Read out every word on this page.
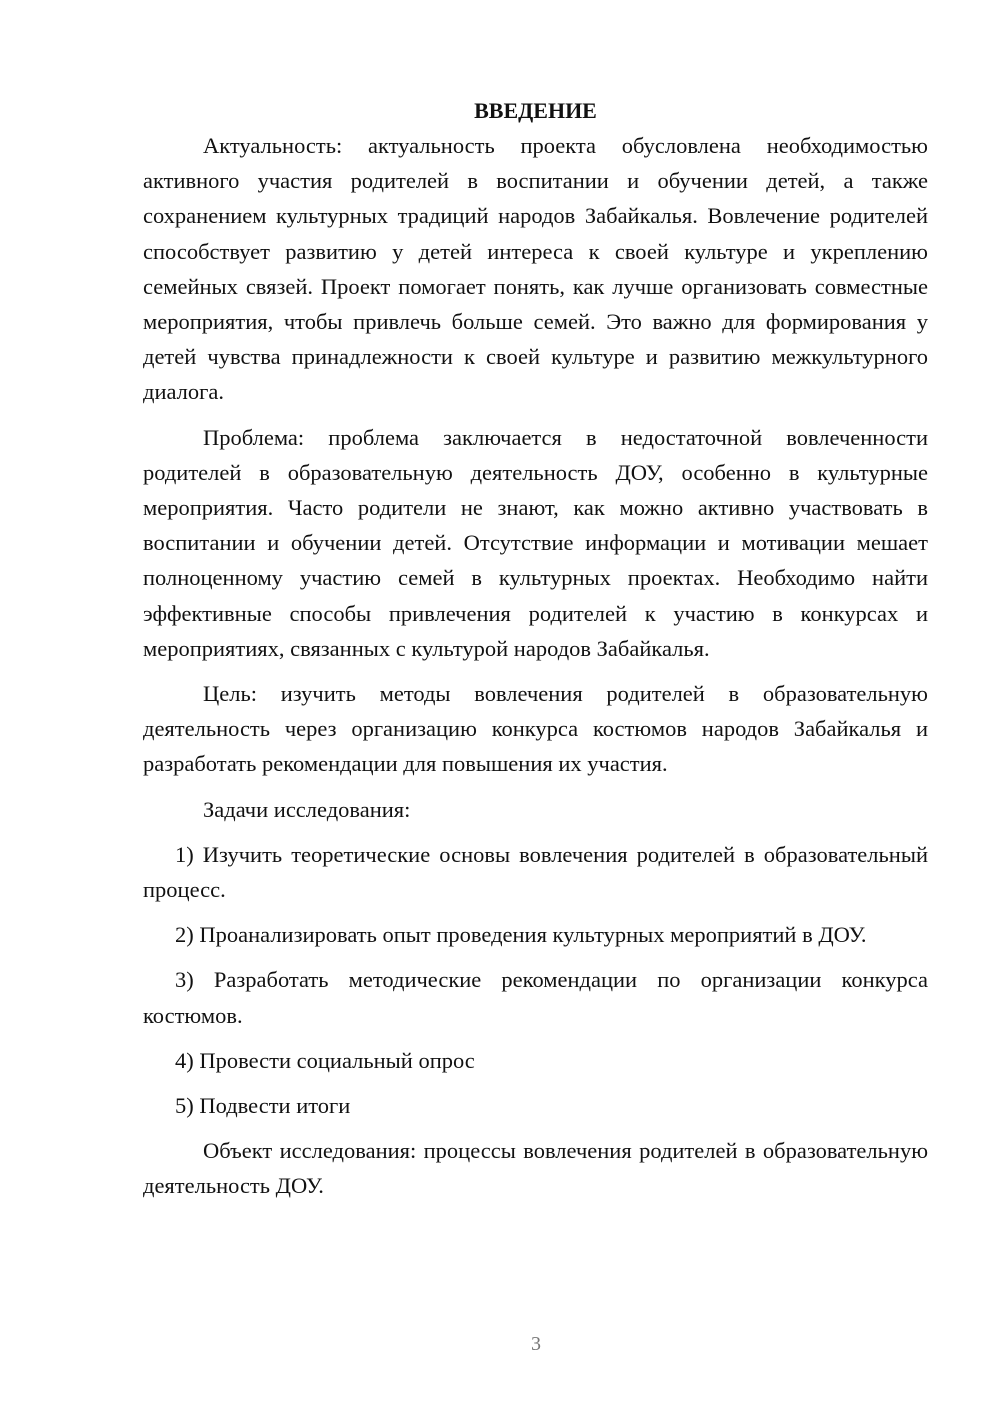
ВВЕДЕНИЕ

Актуальность: актуальность проекта обусловлена необходимостью активного участия родителей в воспитании и обучении детей, а также сохранением культурных традиций народов Забайкалья. Вовлечение родителей способствует развитию у детей интереса к своей культуре и укреплению семейных связей. Проект помогает понять, как лучше организовать совместные мероприятия, чтобы привлечь больше семей. Это важно для формирования у детей чувства принадлежности к своей культуре и развитию межкультурного диалога.

Проблема: проблема заключается в недостаточной вовлеченности родителей в образовательную деятельность ДОУ, особенно в культурные мероприятия. Часто родители не знают, как можно активно участвовать в воспитании и обучении детей. Отсутствие информации и мотивации мешает полноценному участию семей в культурных проектах. Необходимо найти эффективные способы привлечения родителей к участию в конкурсах и мероприятиях, связанных с культурой народов Забайкалья.

Цель: изучить методы вовлечения родителей в образовательную деятельность через организацию конкурса костюмов народов Забайкалья и разработать рекомендации для повышения их участия.

Задачи исследования:

1) Изучить теоретические основы вовлечения родителей в образовательный процесс.

2) Проанализировать опыт проведения культурных мероприятий в ДОУ.

3) Разработать методические рекомендации по организации конкурса костюмов.

4) Провести социальный опрос

5) Подвести итоги

Объект исследования: процессы вовлечения родителей в образовательную деятельность ДОУ.

3
